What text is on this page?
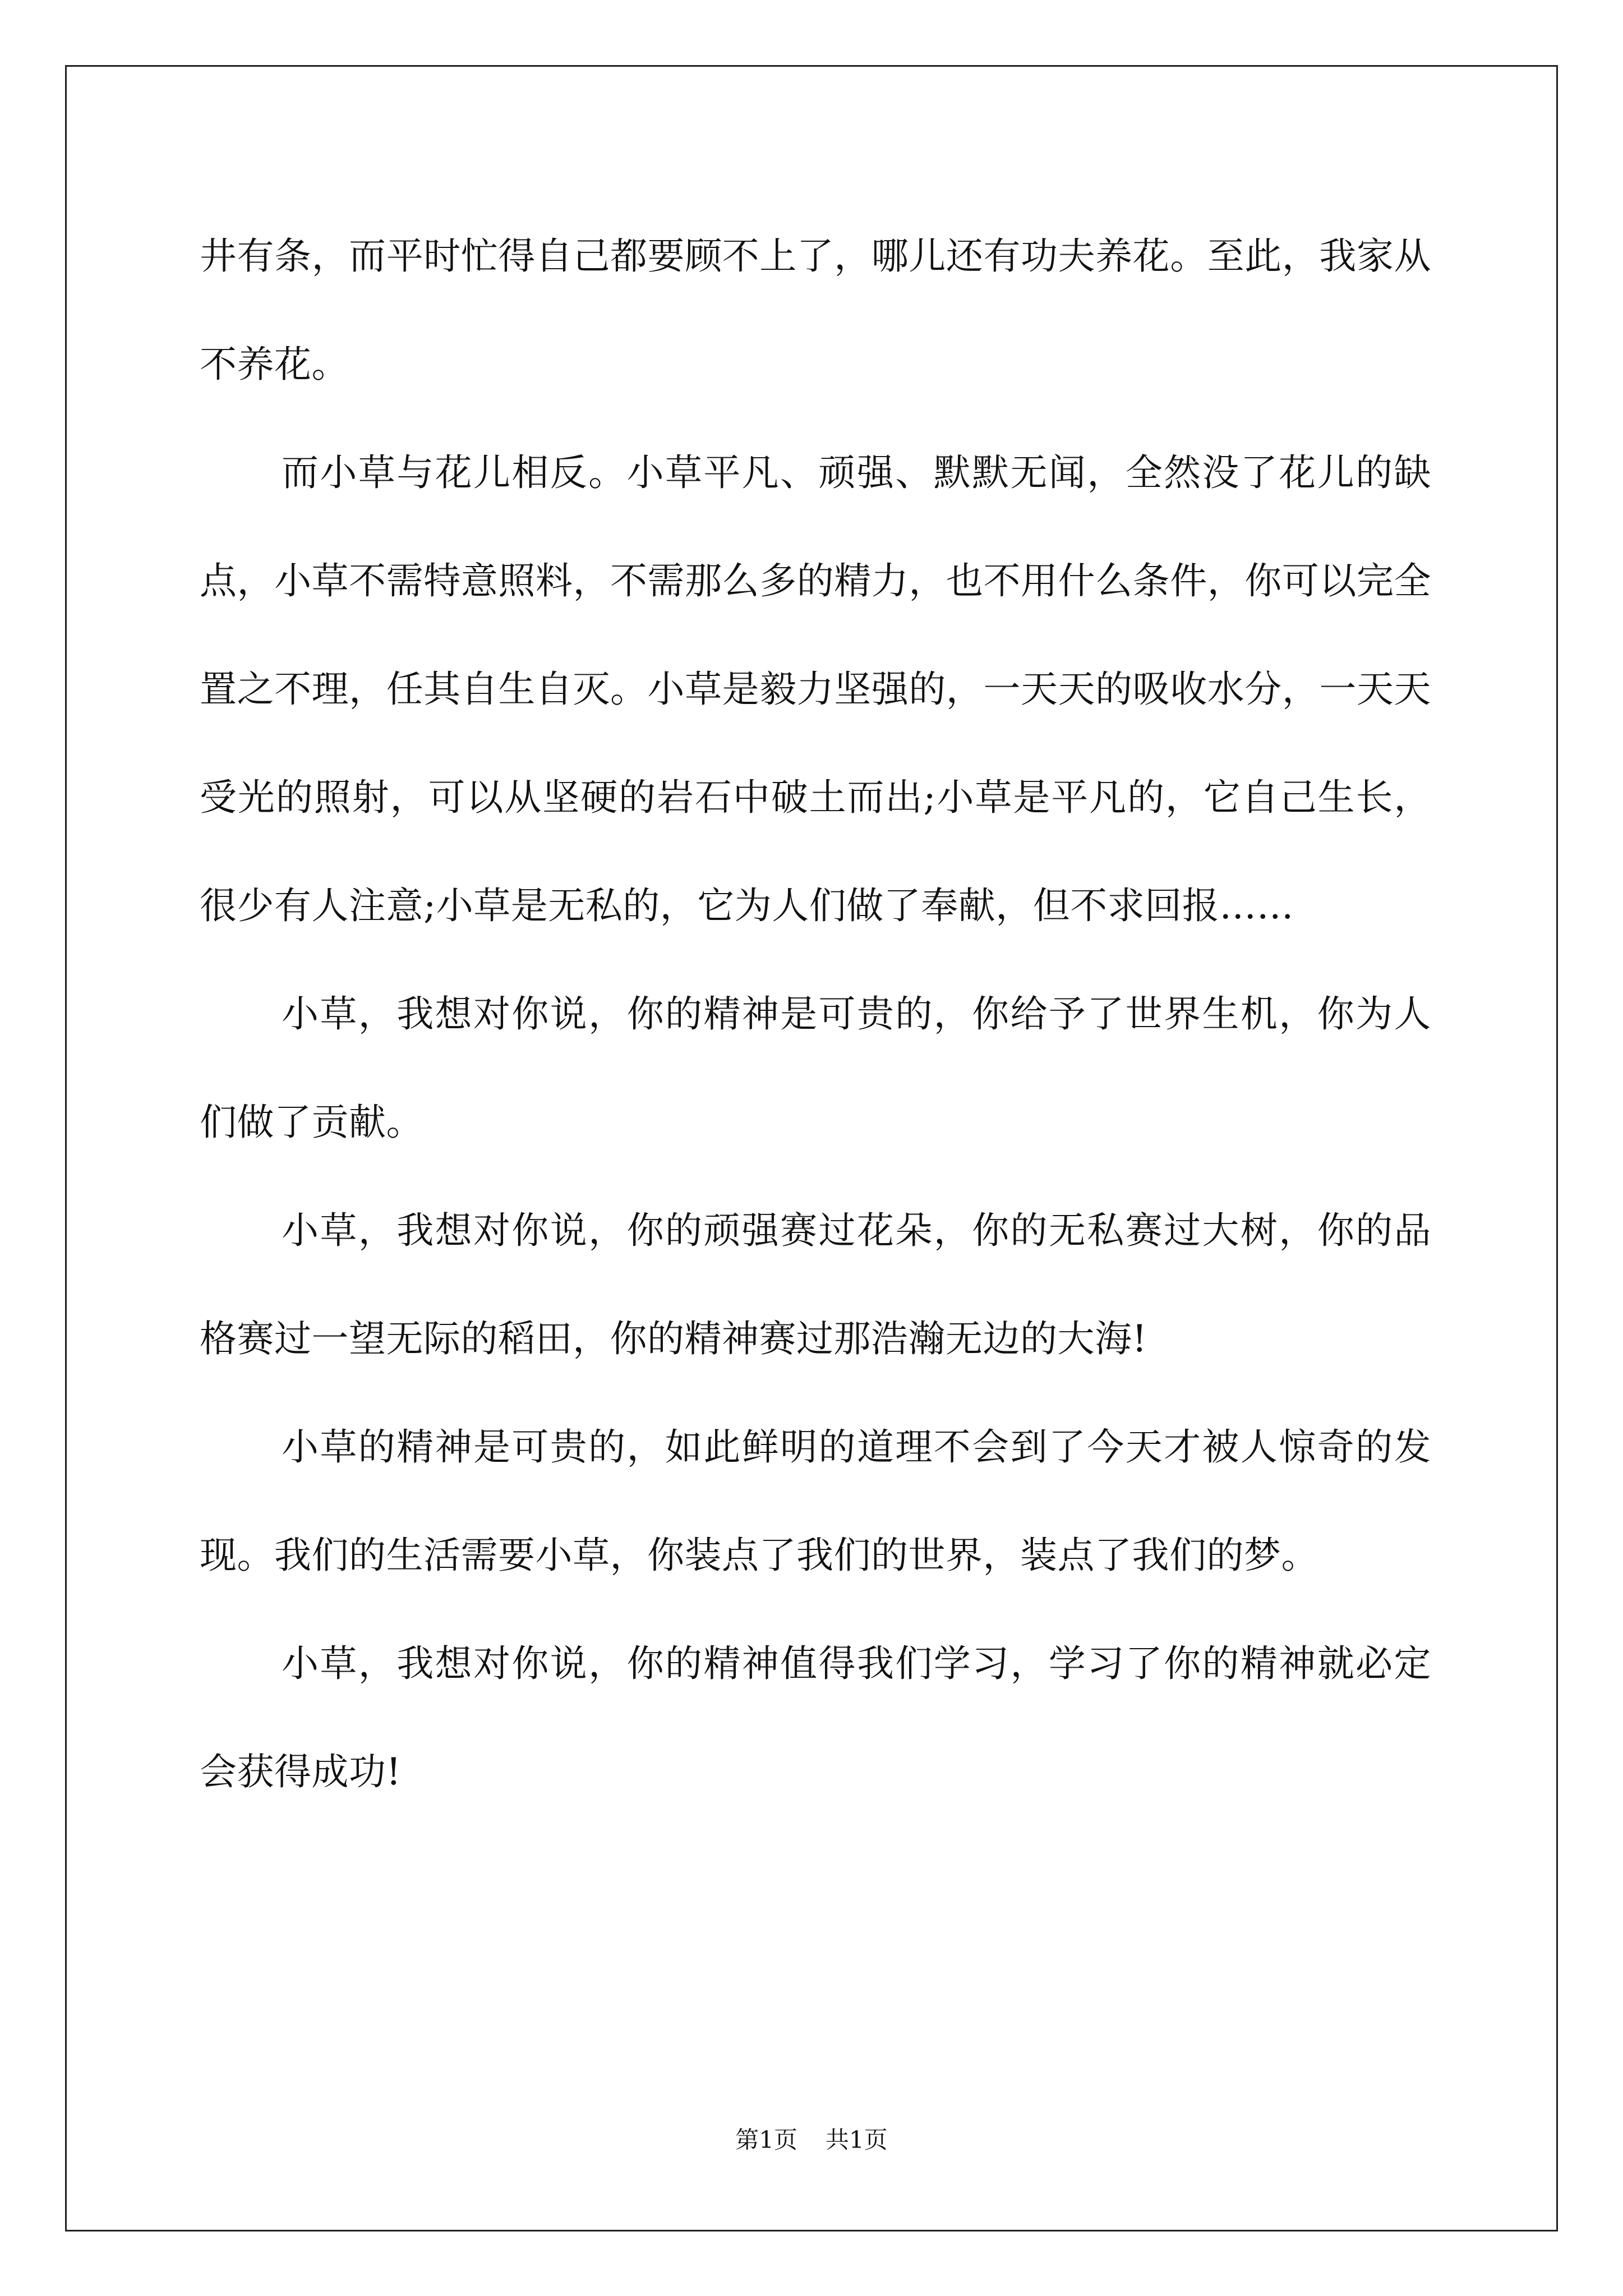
井有条，而平时忙得自己都要顾不上了，哪儿还有功夫养花。至此，我家从不养花。

而小草与花儿相反。小草平凡、顽强、默默无闻，全然没了花儿的缺点，小草不需特意照料，不需那么多的精力，也不用什么条件，你可以完全置之不理，任其自生自灭。小草是毅力坚强的，一天天的吸收水分，一天天受光的照射，可以从坚硬的岩石中破土而出;小草是平凡的，它自己生长，很少有人注意;小草是无私的，它为人们做了奉献，但不求回报……

小草，我想对你说，你的精神是可贵的，你给予了世界生机，你为人们做了贡献。

小草，我想对你说，你的顽强赛过花朵，你的无私赛过大树，你的品格赛过一望无际的稻田，你的精神赛过那浩瀚无边的大海!

小草的精神是可贵的，如此鲜明的道理不会到了今天才被人惊奇的发现。我们的生活需要小草，你装点了我们的世界，装点了我们的梦。

小草，我想对你说，你的精神值得我们学习，学习了你的精神就必定会获得成功!

第1页 共1页
